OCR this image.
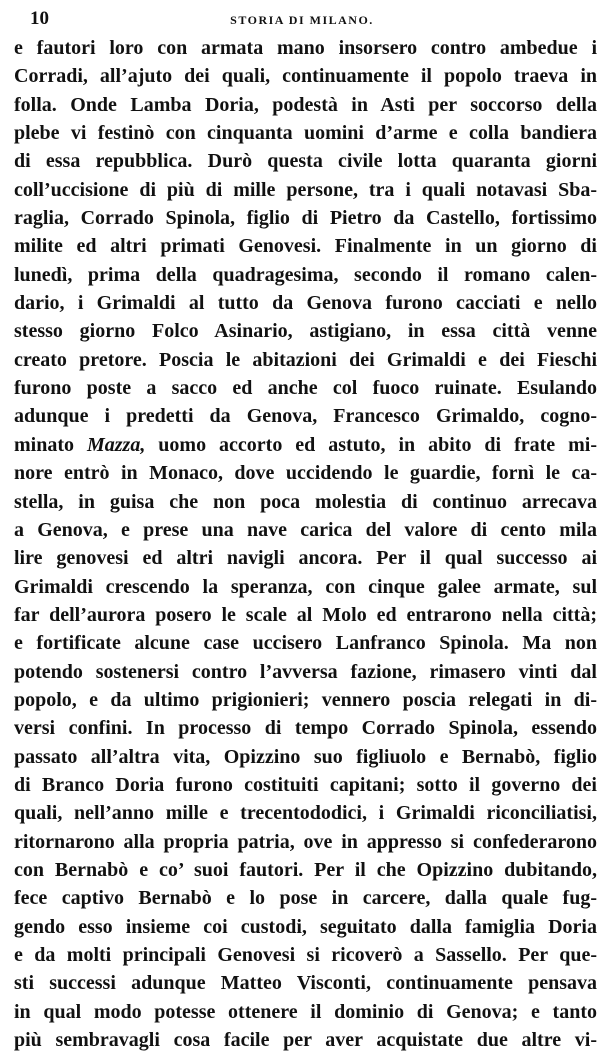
10	STORIA DI MILANO.
e fautori loro con armata mano insorsero contro ambedue i
Corradi, all’ajuto dei quali, continuamente il popolo traeva in
folla. Onde Lamba Doria, podestà in Asti per soccorso della
plebe vi festinò con cinquanta uomini d’arme e colla bandiera
di essa repubblica. Durò questa civile lotta quaranta giorni
coll’uccisione di più di mille persone, tra i quali notavasi Sba-
raglia, Corrado Spinola, figlio di Pietro da Castello, fortissimo
milite ed altri primati Genovesi. Finalmente in un giorno di
lunedì, prima della quadragesima, secondo il romano calen-
dario, i Grimaldi al tutto da Genova furono cacciati e nello
stesso giorno Folco Asinario, astigiano, in essa città venne
creato pretore. Poscia le abitazioni dei Grimaldi e dei Fieschi
furono poste a sacco ed anche col fuoco ruinate. Esulando
adunque i predetti da Genova, Francesco Grimaldo, cogno-
minato Mazza, uomo accorto ed astuto, in abito di frate mi-
nore entrò in Monaco, dove uccidendo le guardie, fornì le ca-
stella, in guisa che non poca molestia di continuo arrecava
a Genova, e prese una nave carica del valore di cento mila
lire genovesi ed altri navigli ancora. Per il qual successo ai
Grimaldi crescendo la speranza, con cinque galee armate, sul
far dell’aurora posero le scale al Molo ed entrarono nella città;
e fortificate alcune case uccisero Lanfranco Spinola. Ma non
potendo sostenersi contro l’avversa fazione, rimasero vinti dal
popolo, e da ultimo prigionieri; vennero poscia relegati in di-
versi confini. In processo di tempo Corrado Spinola, essendo
passato all’altra vita, Opizzino suo figliuolo e Bernabò, figlio
di Branco Doria furono costituiti capitani; sotto il governo dei
quali, nell’anno mille e trecentododici, i Grimaldi riconciliatisi,
ritornarono alla propria patria, ove in appresso si confederarono
con Bernabò e co’ suoi fautori. Per il che Opizzino dubitando,
fece captivo Bernabò e lo pose in carcere, dalla quale fug-
gendo esso insieme coi custodi, seguitato dalla famiglia Doria
e da molti principali Genovesi si ricoverò a Sassello. Per que-
sti successi adunque Matteo Visconti, continuamente pensava
in qual modo potesse ottenere il dominio di Genova; e tanto
più sembravagli cosa facile per aver acquistate due altre vi-
